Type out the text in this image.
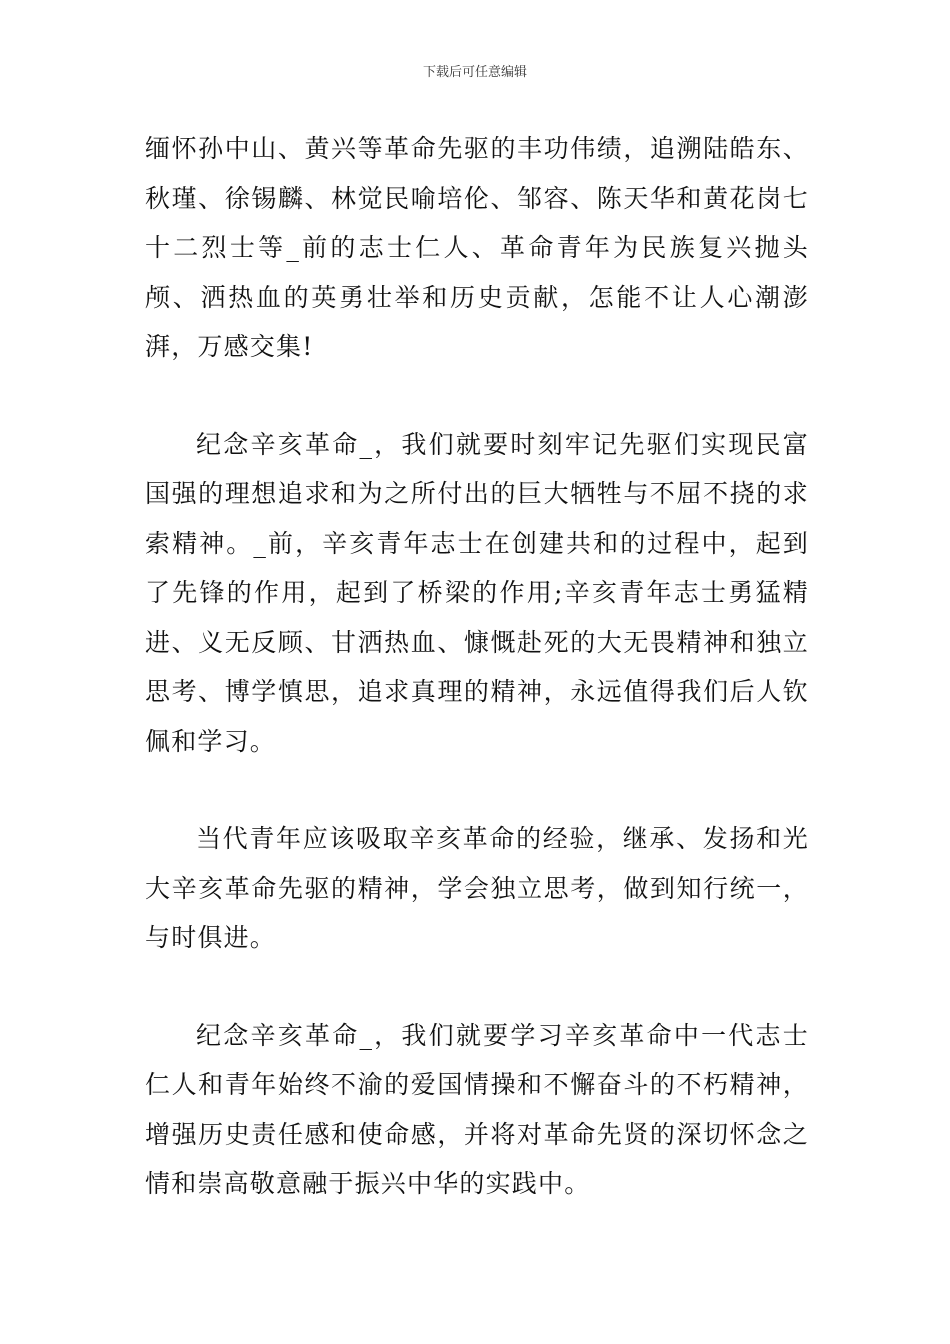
下载后可任意编辑

缅怀孙中山、黄兴等革命先驱的丰功伟绩，追溯陆皓东、秋瑾、徐锡麟、林觉民喻培伦、邹容、陈天华和黄花岗七十二烈士等_前的志士仁人、革命青年为民族复兴抛头颅、洒热血的英勇壮举和历史贡献，怎能不让人心潮澎湃，万感交集!

纪念辛亥革命_，我们就要时刻牢记先驱们实现民富国强的理想追求和为之所付出的巨大牺牲与不屈不挠的求索精神。_前，辛亥青年志士在创建共和的过程中，起到了先锋的作用，起到了桥梁的作用;辛亥青年志士勇猛精进、义无反顾、甘洒热血、慷慨赴死的大无畏精神和独立思考、博学慎思，追求真理的精神，永远值得我们后人钦佩和学习。

当代青年应该吸取辛亥革命的经验，继承、发扬和光大辛亥革命先驱的精神，学会独立思考，做到知行统一，与时俱进。

纪念辛亥革命_，我们就要学习辛亥革命中一代志士仁人和青年始终不渝的爱国情操和不懈奋斗的不朽精神，增强历史责任感和使命感，并将对革命先贤的深切怀念之情和崇高敬意融于振兴中华的实践中。
